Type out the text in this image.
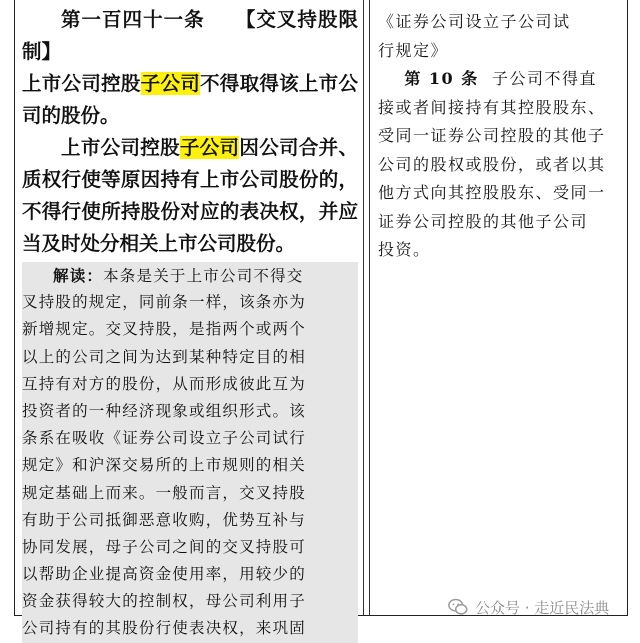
第一百四十一条 【交叉持股限制】

上市公司控股子公司不得取得该上市公司的股份。

上市公司控股子公司因公司合并、质权行使等原因持有上市公司股份的，不得行使所持股份对应的表决权，并应当及时处分相关上市公司股份。

解读：本条是关于上市公司不得交
叉持股的规定，同前条一样，该条亦为
新增规定。交叉持股，是指两个或两个
以上的公司之间为达到某种特定目的相
互持有对方的股份，从而形成彼此互为
投资者的一种经济现象或组织形式。该
条系在吸收《证券公司设立子公司试行
规定》和沪深交易所的上市规则的相关
规定基础上而来。一般而言，交叉持股
有助于公司抵御恶意收购，优势互补与
协同发展，母子公司之间的交叉持股可
以帮助企业提高资金使用率，用较少的
资金获得较大的控制权，母公司利用子
公司持有的其股份行使表决权，来巩固

《证券公司设立子公司试
行规定》

第 10 条 子公司不得直
接或者间接持有其控股股东、
受同一证券公司控股的其他子
公司的股权或股份，或者以其
他方式向其控股股东、受同一
证券公司控股的其他子公司
投资。

公众号 · 走近民法典
